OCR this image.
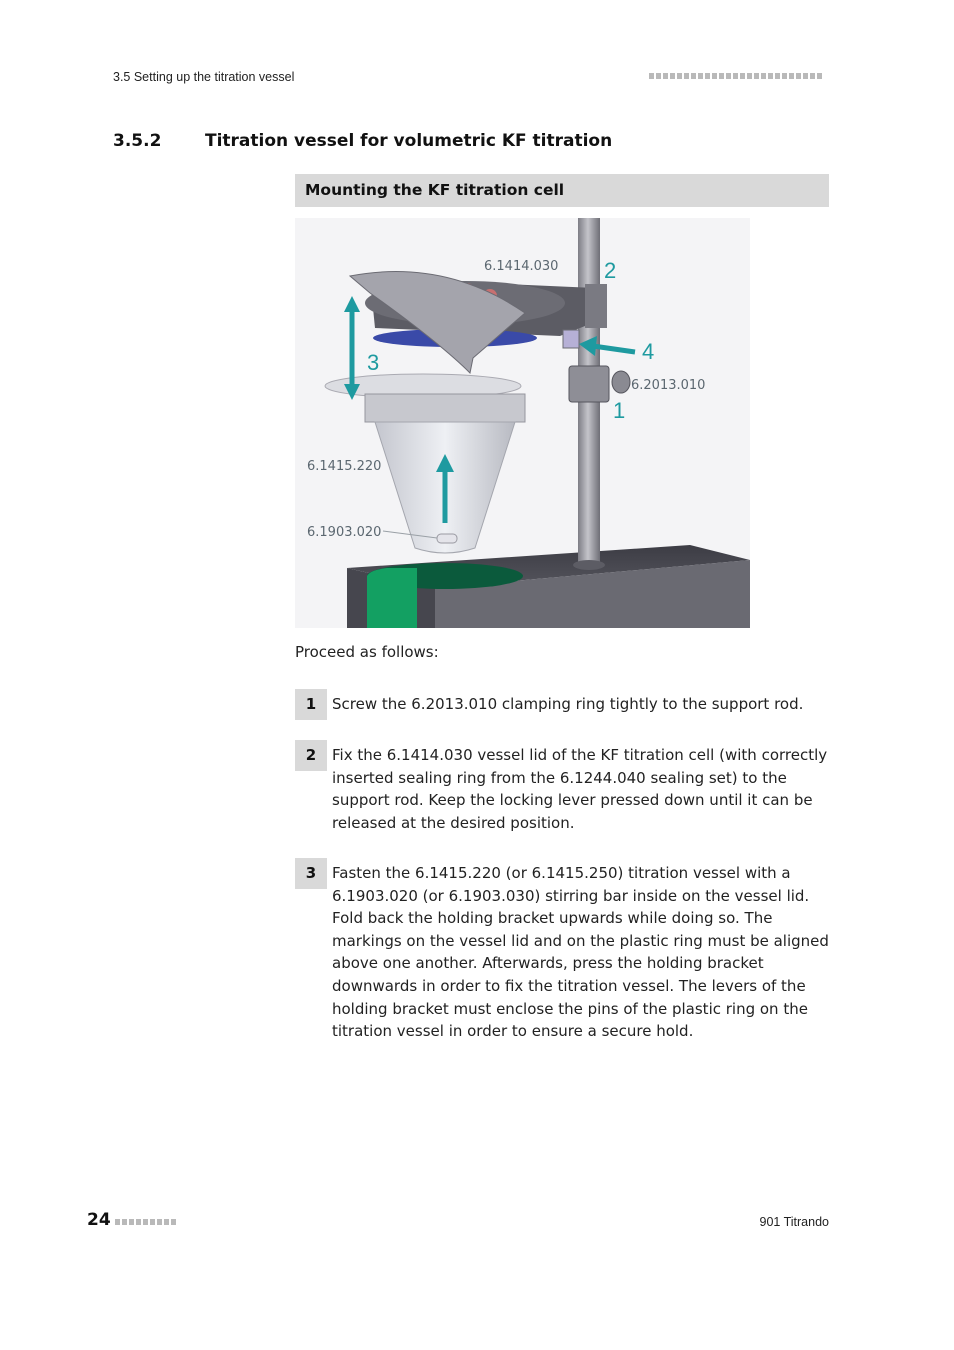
3.5 Setting up the titration vessel
3.5.2	Titration vessel for volumetric KF titration
Mounting the KF titration cell
6.1414.030
6.2013.010
6.1415.220
6.1903.020
1
2
3	4
Proceed as follows:
1	Screw the 6.2013.010 clamping ring tightly to the support rod.
2	Fix the 6.1414.030 vessel lid of the KF titration cell (with correctly inserted sealing ring from the 6.1244.040 sealing set) to the support rod. Keep the locking lever pressed down until it can be released at the desired position.
3	Fasten the 6.1415.220 (or 6.1415.250) titration vessel with a 6.1903.020 (or 6.1903.030) stirring bar inside on the vessel lid. Fold back the holding bracket upwards while doing so. The markings on the vessel lid and on the plastic ring must be aligned above one another. Afterwards, press the holding bracket downwards in order to fix the titration vessel. The levers of the holding bracket must enclose the pins of the plastic ring on the titration vessel in order to ensure a secure hold.
24	901 Titrando
